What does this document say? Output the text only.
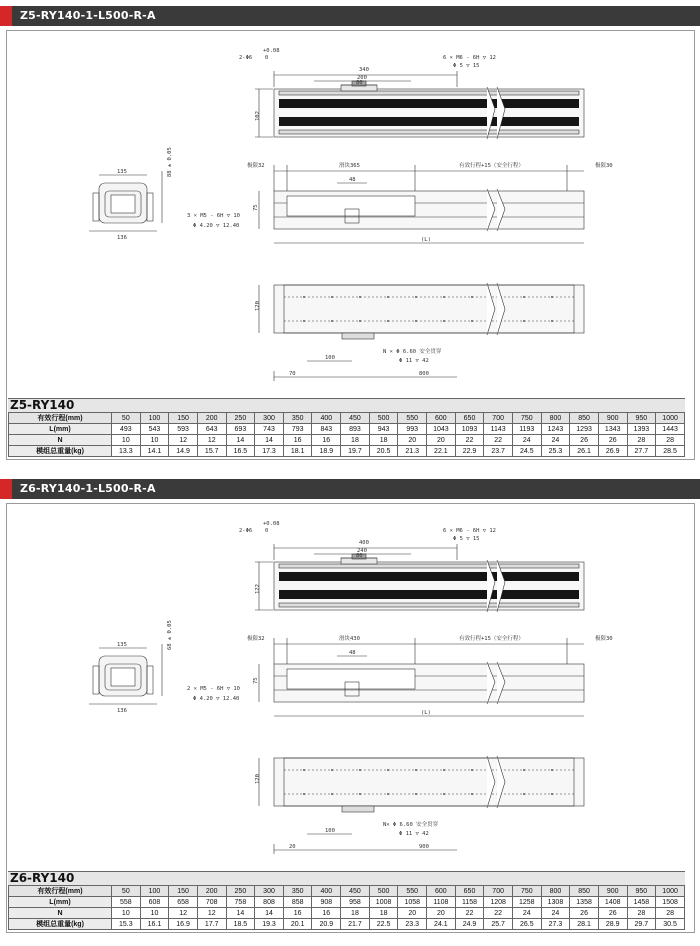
Z5-RY140-1-L500-R-A
340
200
80
+0.08
0
2-Φ6	6 × M6 - 6H ▽ 12
Φ 5 ▽ 15
102
135
136
88 ± 0.05	极限32	滑块365	有效行程+15（安全行程）	极限30
48
75
3 × M5 - 6H ▽ 10
Φ 4.20 ▽ 12.40
(L)
120
100
70	800
N × Φ 6.60 安全贯穿
Φ 11 ▽ 42
Z5-RY140
有效行程(mm)	50	100	150	200	250	300	350	400	450	500	550	600	650	700	750	800	850	900	950	1000
L(mm)	493	543	593	643	693	743	793	843	893	943	993	1043	1093	1143	1193	1243	1293	1343	1393	1443
N	10	10	12	12	14	14	16	16	18	18	20	20	22	22	24	24	26	26	28	28
模组总重量(kg)	13.3	14.1	14.9	15.7	16.5	17.3	18.1	18.9	19.7	20.5	21.3	22.1	22.9	23.7	24.5	25.3	26.1	26.9	27.7	28.5
Z6-RY140-1-L500-R-A
400
240
80
+0.08
0
2-Φ6	6 × M6 - 6H ▽ 12
Φ 5 ▽ 15
122
135
136
68 ± 0.05	极限32	滑块430	有效行程+15（安全行程）	极限30
48
75
2 × M5 - 6H ▽ 10
Φ 4.20 ▽ 12.40
(L)
120
100
20	900
N× Φ 6.60 安全贯穿
Φ 11 ▽ 42
Z6-RY140
有效行程(mm)	50	100	150	200	250	300	350	400	450	500	550	600	650	700	750	800	850	900	950	1000
L(mm)	558	608	658	708	758	808	858	908	958	1008	1058	1108	1158	1208	1258	1308	1358	1408	1458	1508
N	10	10	12	12	14	14	16	16	18	18	20	20	22	22	24	24	26	26	28	28
模组总重量(kg)	15.3	16.1	16.9	17.7	18.5	19.3	20.1	20.9	21.7	22.5	23.3	24.1	24.9	25.7	26.5	27.3	28.1	28.9	29.7	30.5
